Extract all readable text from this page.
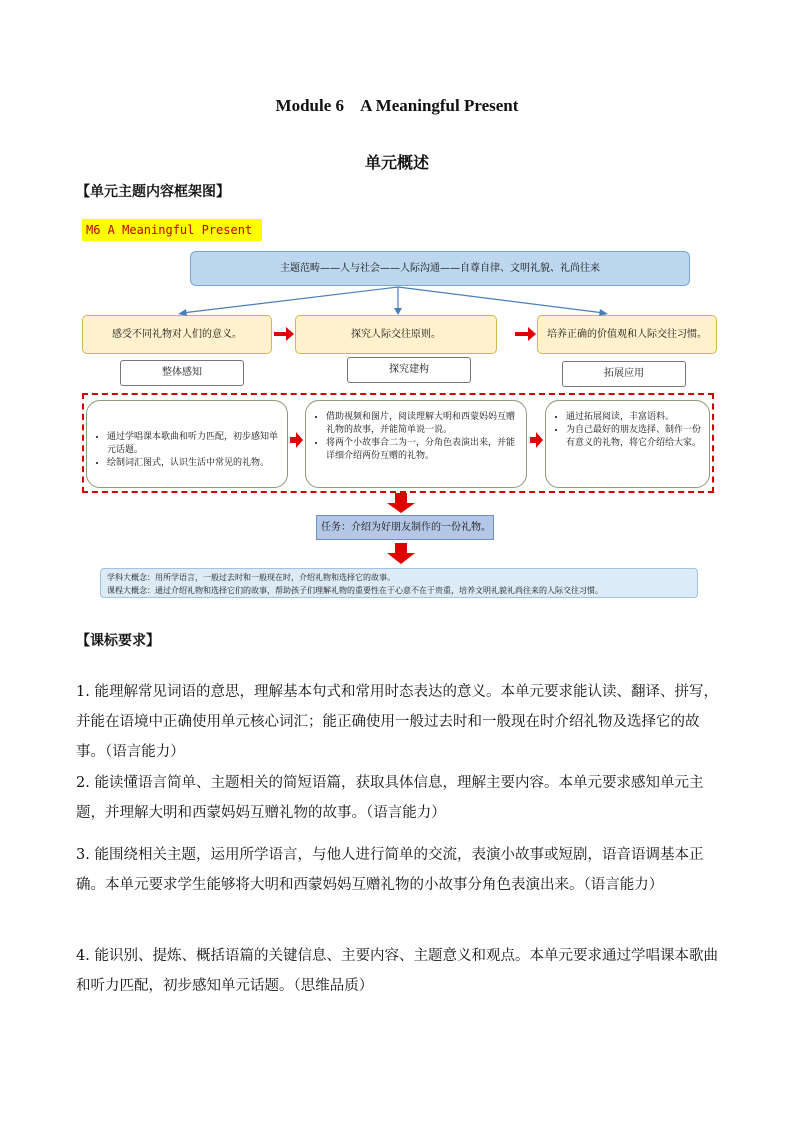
Module 6    A Meaningful Present
单元概述
【单元主题内容框架图】
M6 A Meaningful Present
主题范畴——人与社会——人际沟通——自尊自律、文明礼貌、礼尚往来
感受不同礼物对人们的意义。	探究人际交往原则。	培养正确的价值观和人际交往习惯。
整体感知	探究建构	拓展应用
• 通过学唱课本歌曲和听力匹配，初步感知单元话题。
• 绘制词汇图式，认识生活中常见的礼物。
• 借助视频和图片，阅读理解大明和西蒙妈妈互赠礼物的故事，并能简单说一说。
• 将两个小故事合二为一，分角色表演出来，并能详细介绍两份互赠的礼物。
• 通过拓展阅读，丰富语料。
• 为自己最好的朋友选择、制作一份有意义的礼物，将它介绍给大家。
任务：介绍为好朋友制作的一份礼物。
学科大概念：用所学语言，一般过去时和一般现在时，介绍礼物和选择它的故事。
课程大概念：通过介绍礼物和选择它们的故事，帮助孩子们理解礼物的重要性在于心意不在于贵重，培养文明礼貌礼尚往来的人际交往习惯。
【课标要求】
1. 能理解常见词语的意思，理解基本句式和常用时态表达的意义。本单元要求能认读、翻译、拼写，并能在语境中正确使用单元核心词汇；能正确使用一般过去时和一般现在时介绍礼物及选择它的故事。（语言能力）
2. 能读懂语言简单、主题相关的简短语篇，获取具体信息，理解主要内容。本单元要求感知单元主题，并理解大明和西蒙妈妈互赠礼物的故事。（语言能力）
3. 能围绕相关主题，运用所学语言，与他人进行简单的交流，表演小故事或短剧，语音语调基本正确。本单元要求学生能够将大明和西蒙妈妈互赠礼物的小故事分角色表演出来。（语言能力）
4. 能识别、提炼、概括语篇的关键信息、主要内容、主题意义和观点。本单元要求通过学唱课本歌曲和听力匹配，初步感知单元话题。（思维品质）
